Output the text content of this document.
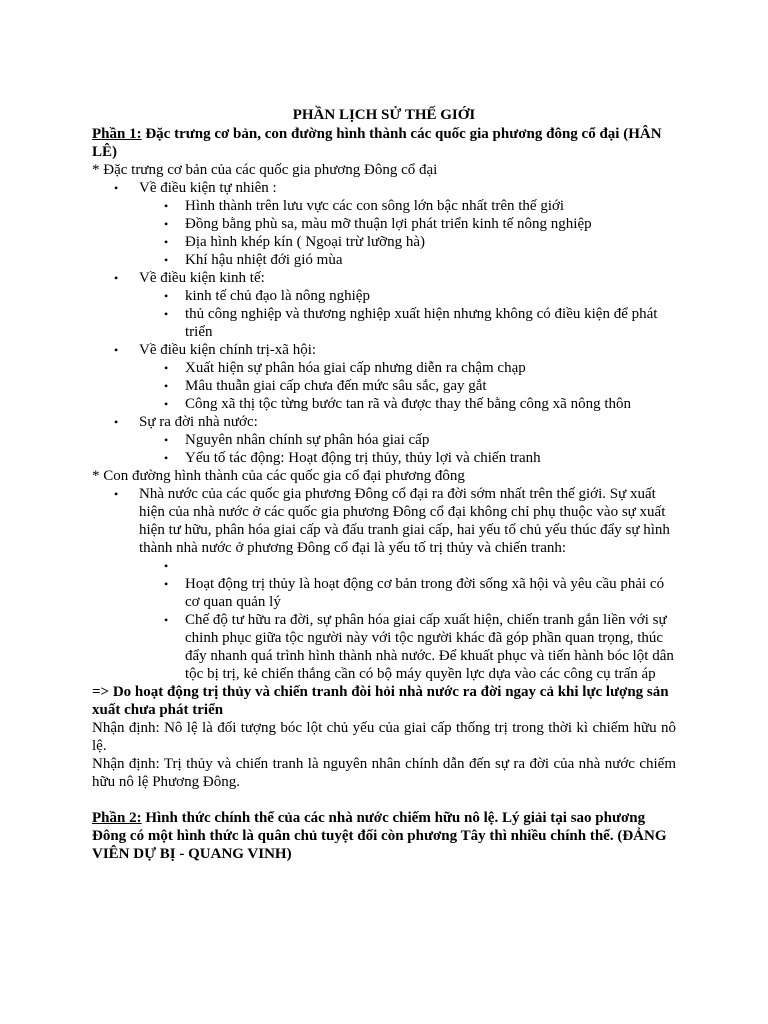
PHẦN LỊCH SỬ THẾ GIỚI
Phần 1: Đặc trưng cơ bản, con đường hình thành các quốc gia phương đông cổ đại (HÂN LÊ)
* Đặc trưng cơ bản của các quốc gia phương Đông cổ đại
• Về điều kiện tự nhiên :
• Hình thành trên lưu vực các con sông lớn bậc nhất trên thế giới
• Đồng bằng phù sa, màu mỡ thuận lợi phát triển kinh tế nông nghiệp
• Địa hình khép kín ( Ngoại trừ lưỡng hà)
• Khí hậu nhiệt đới gió mùa
• Về điều kiện kinh tế:
• kinh tế chủ đạo là nông nghiệp
• thủ công nghiệp và thương nghiệp xuất hiện nhưng không có điều kiện để phát triển
• Về điều kiện chính trị-xã hội:
• Xuất hiện sự phân hóa giai cấp nhưng diễn ra chậm chạp
• Mâu thuẫn giai cấp chưa đến mức sâu sắc, gay gắt
• Công xã thị tộc từng bước tan rã và được thay thế bằng công xã nông thôn
• Sự ra đời nhà nước:
• Nguyên nhân chính sự phân hóa giai cấp
• Yếu tố tác động: Hoạt động trị thủy, thủy lợi và chiến tranh
* Con đường hình thành của các quốc gia cổ đại phương đông
• Nhà nước của các quốc gia phương Đông cổ đại ra đời sớm nhất trên thế giới. Sự xuất hiện của nhà nước ở các quốc gia phương Đông cổ đại không chỉ phụ thuộc vào sự xuất hiện tư hữu, phân hóa giai cấp và đấu tranh giai cấp, hai yếu tố chủ yếu thúc đẩy sự hình thành nhà nước ở phương Đông cổ đại là yếu tố trị thủy và chiến tranh:
•
• Hoạt động trị thủy là hoạt động cơ bản trong đời sống xã hội và yêu cầu phải có cơ quan quản lý
• Chế độ tư hữu ra đời, sự phân hóa giai cấp xuất hiện, chiến tranh gắn liền với sự chinh phục giữa tộc người này với tộc người khác đã góp phần quan trọng, thúc đẩy nhanh quá trình hình thành nhà nước. Để khuất phục và tiến hành bóc lột dân tộc bị trị, kẻ chiến thắng cần có bộ máy quyền lực dựa vào các công cụ trấn áp
=> Do hoạt động trị thủy và chiến tranh đòi hỏi nhà nước ra đời ngay cả khi lực lượng sản xuất chưa phát triển
Nhận định: Nô lệ là đối tượng bóc lột chủ yếu của giai cấp thống trị trong thời kì chiếm hữu nô lệ.
Nhận định: Trị thủy và chiến tranh là nguyên nhân chính dẫn đến sự ra đời của nhà nước chiếm hữu nô lệ Phương Đông.
Phần 2: Hình thức chính thể của các nhà nước chiếm hữu nô lệ. Lý giải tại sao phương Đông có một hình thức là quân chủ tuyệt đối còn phương Tây thì nhiều chính thể. (ĐẢNG VIÊN DỰ BỊ - QUANG VINH)
